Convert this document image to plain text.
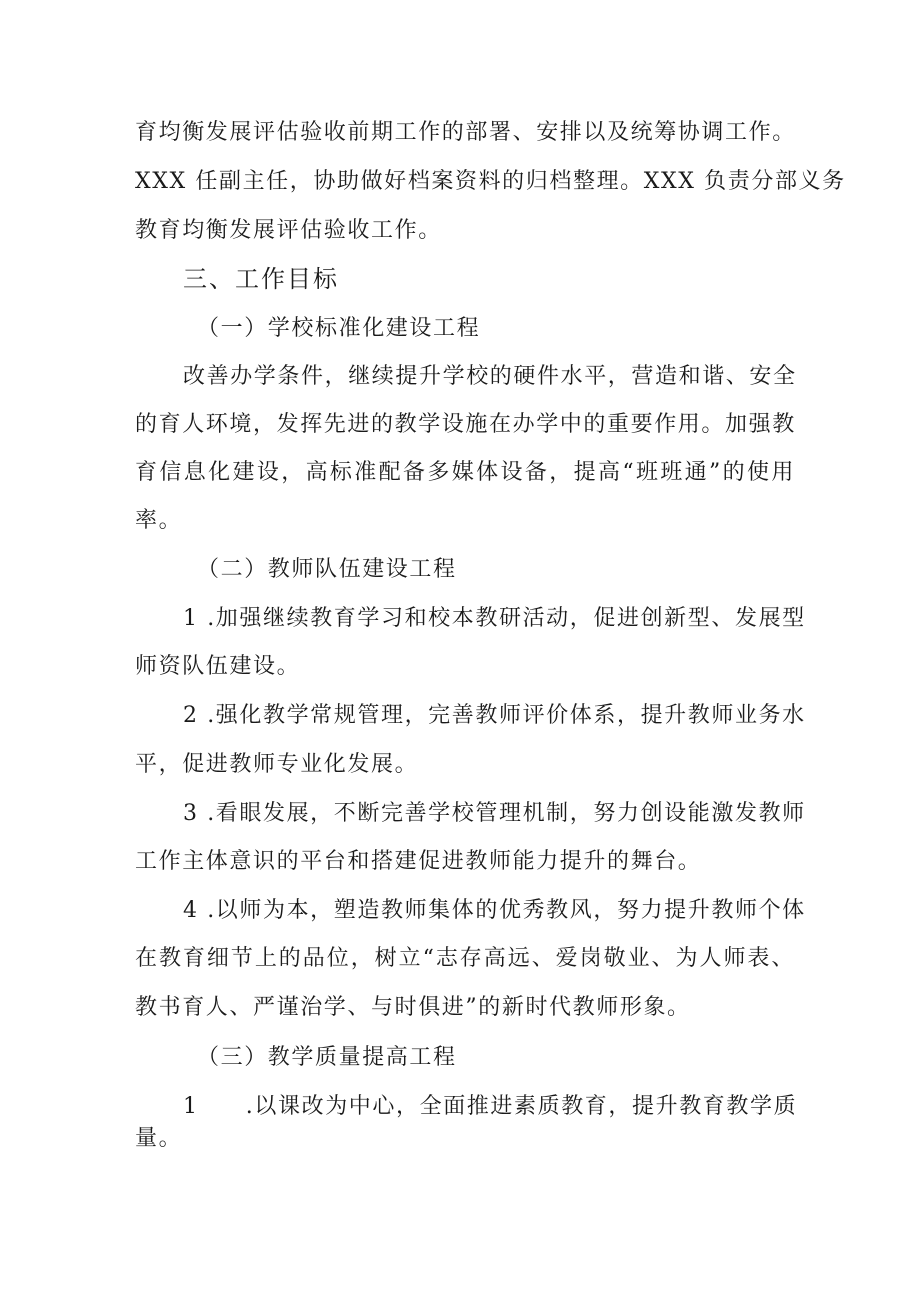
育均衡发展评估验收前期工作的部署、安排以及统筹协调工作。
XXX 任副主任，协助做好档案资料的归档整理。XXX 负责分部义务
教育均衡发展评估验收工作。
三、工作目标
（一）学校标准化建设工程
改善办学条件，继续提升学校的硬件水平，营造和谐、安全
的育人环境，发挥先进的教学设施在办学中的重要作用。加强教
育信息化建设，高标准配备多媒体设备，提高“班班通”的使用
率。
（二）教师队伍建设工程
1 .加强继续教育学习和校本教研活动，促进创新型、发展型
师资队伍建设。
2 .强化教学常规管理，完善教师评价体系，提升教师业务水
平，促进教师专业化发展。
3 .看眼发展，不断完善学校管理机制，努力创设能激发教师
工作主体意识的平台和搭建促进教师能力提升的舞台。
4 .以师为本，塑造教师集体的优秀教风，努力提升教师个体
在教育细节上的品位，树立“志存高远、爱岗敬业、为人师表、
教书育人、严谨治学、与时俱进”的新时代教师形象。
（三）教学质量提高工程
1　　.以课改为中心，全面推进素质教育，提升教育教学质
量。
